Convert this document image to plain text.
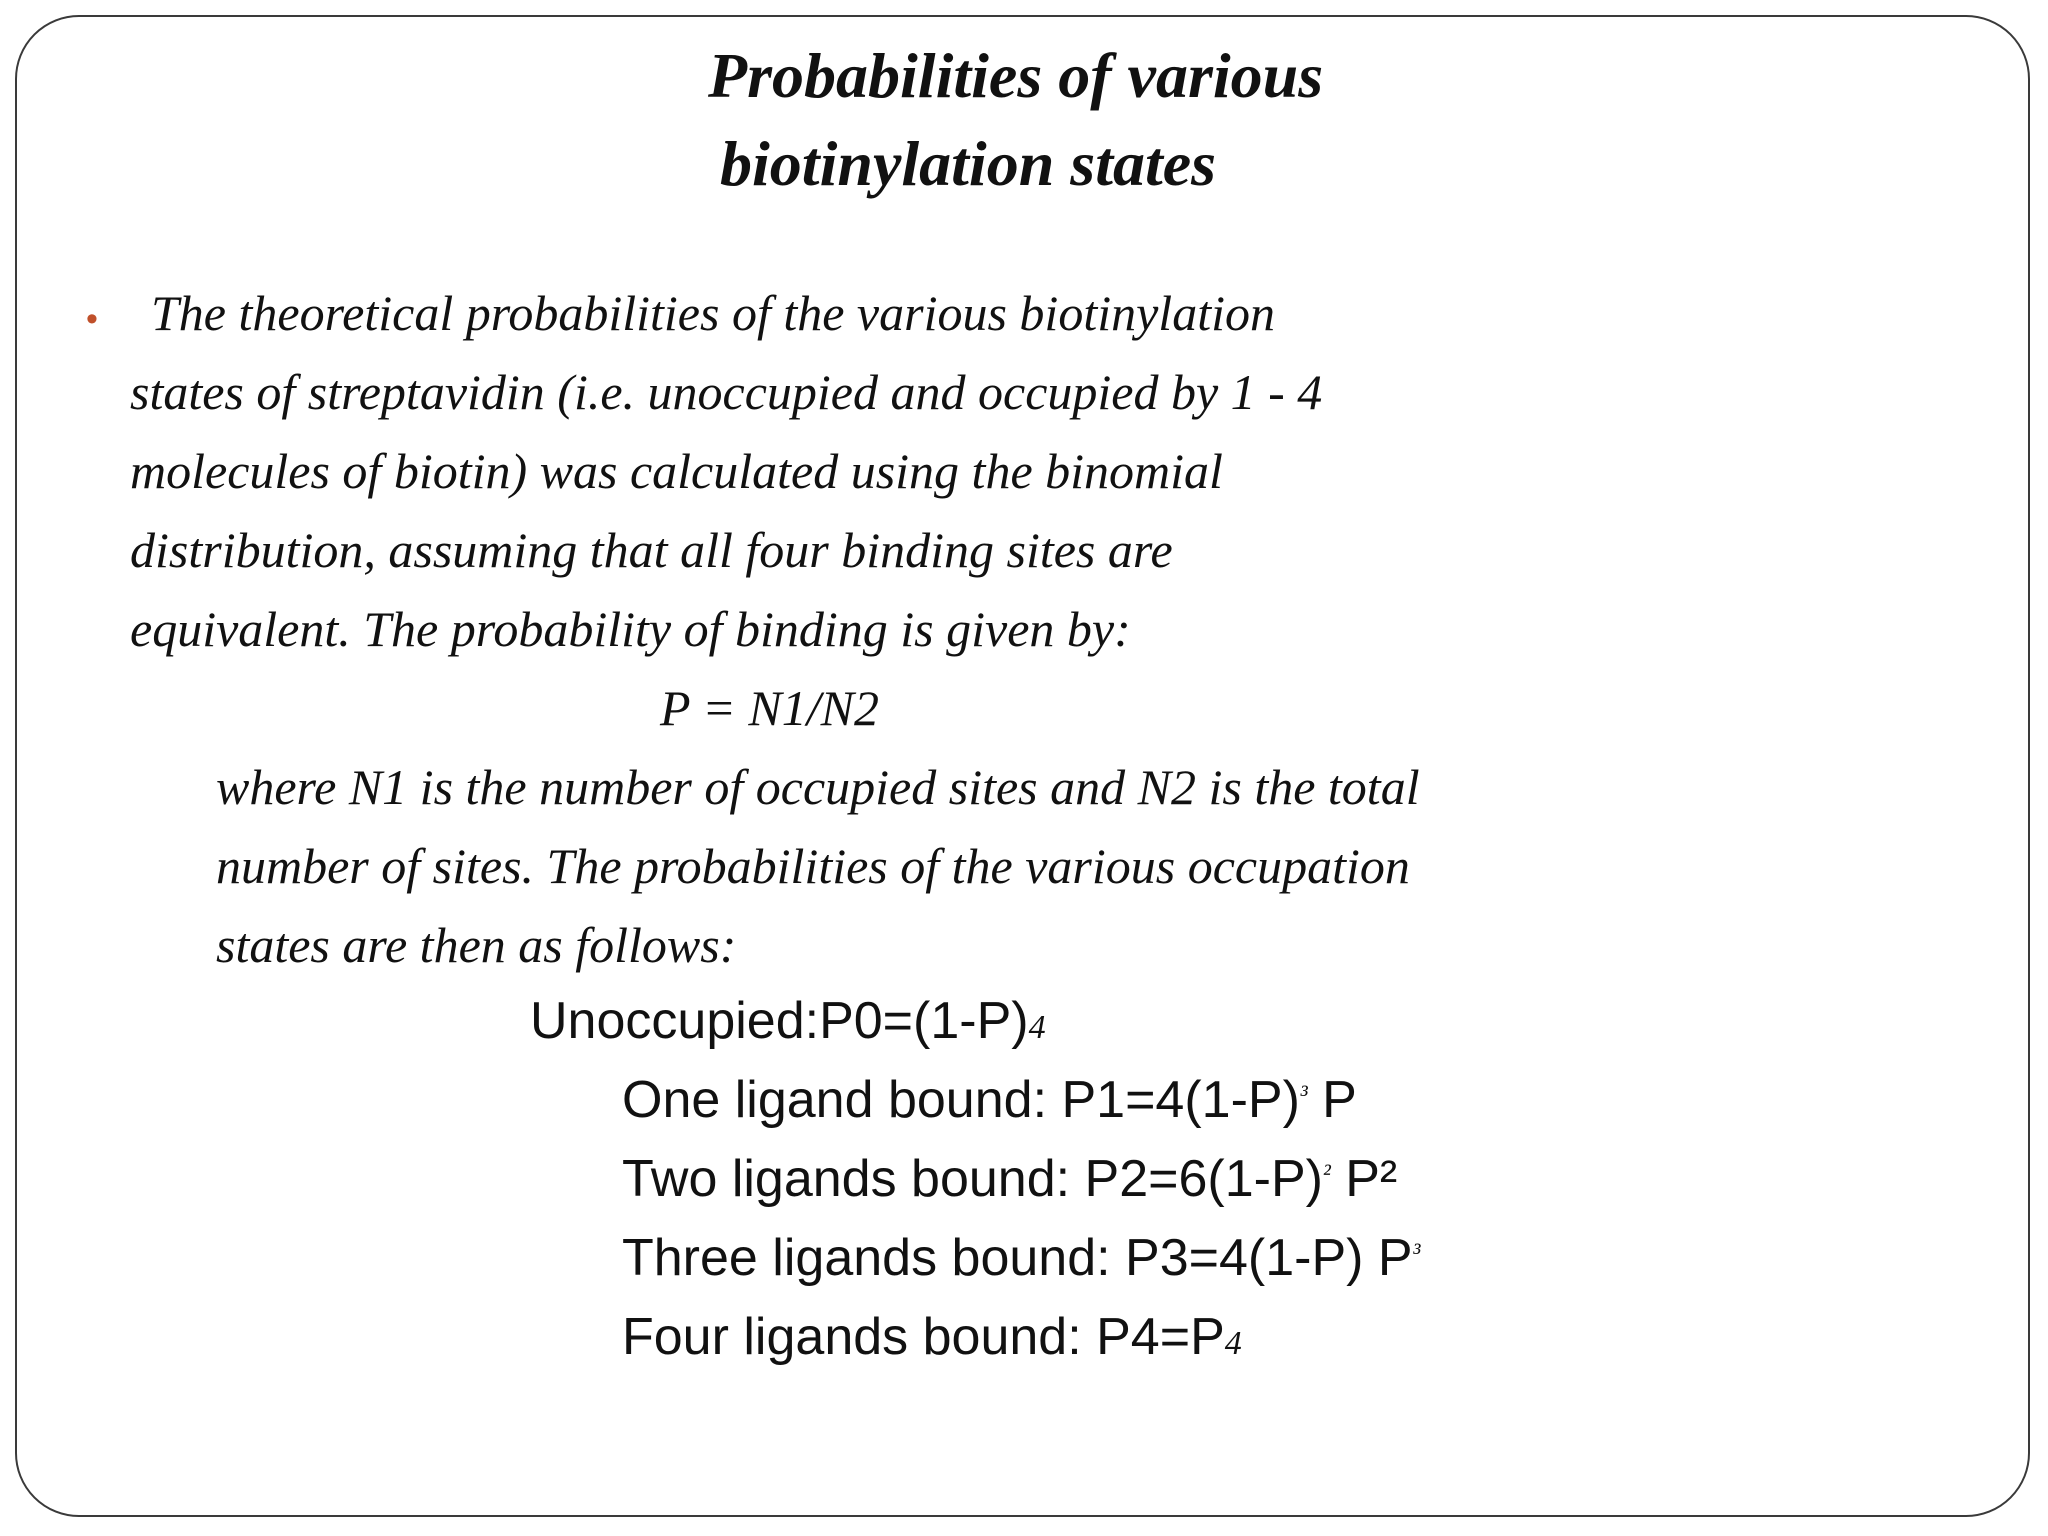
Probabilities of various
biotinylation states
• The theoretical probabilities of the various biotinylation
states of streptavidin (i.e. unoccupied and occupied by 1 - 4
molecules of biotin) was calculated using the binomial
distribution, assuming that all four binding sites are
equivalent. The probability of binding is given by:
P = N1/N2
where N1 is the number of occupied sites and N2 is the total
number of sites. The probabilities of the various occupation
states are then as follows:
Unoccupied:P0=(1-P)4
One ligand bound: $P1=4(1-P)^{^3}$ P
Two ligands bound: $P2=6(1-P)^{^2}$ P²
Three ligands bound: P3=4(1-P) $P^{^3}$
Four ligands bound: P4=P4
